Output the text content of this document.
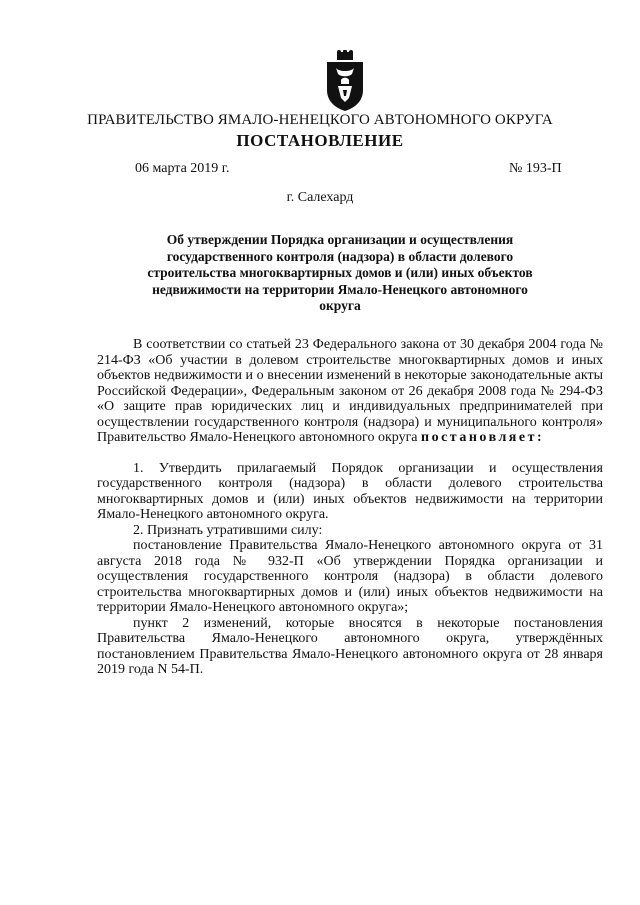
ПРАВИТЕЛЬСТВО ЯМАЛО-НЕНЕЦКОГО АВТОНОМНОГО ОКРУГА
ПОСТАНОВЛЕНИЕ
06 марта 2019 г.	№ 193-П
г. Салехард
Об утверждении Порядка организации и осуществления государственного контроля (надзора) в области долевого строительства многоквартирных домов и (или) иных объектов недвижимости на территории Ямало-Ненецкого автономного округа

В соответствии со статьей 23 Федерального закона от 30 декабря 2004 года № 214-ФЗ «Об участии в долевом строительстве многоквартирных домов и иных объектов недвижимости и о внесении изменений в некоторые законодательные акты Российской Федерации», Федеральным законом от 26 декабря 2008 года № 294-ФЗ «О защите прав юридических лиц и индивидуальных предпринимателей при осуществлении государственного контроля (надзора) и муниципального контроля» Правительство Ямало-Ненецкого автономного округа постановляет:

1. Утвердить прилагаемый Порядок организации и осуществления государственного контроля (надзора) в области долевого строительства многоквартирных домов и (или) иных объектов недвижимости на территории Ямало-Ненецкого автономного округа.

2. Признать утратившими силу:

постановление Правительства Ямало-Ненецкого автономного округа от 31 августа 2018 года № 932-П «Об утверждении Порядка организации и осуществления государственного контроля (надзора) в области долевого строительства многоквартирных домов и (или) иных объектов недвижимости на территории Ямало-Ненецкого автономного округа»;

пункт 2 изменений, которые вносятся в некоторые постановления Правительства Ямало-Ненецкого автономного округа, утверждённых постановлением Правительства Ямало-Ненецкого автономного округа от 28 января 2019 года N 54-П.
